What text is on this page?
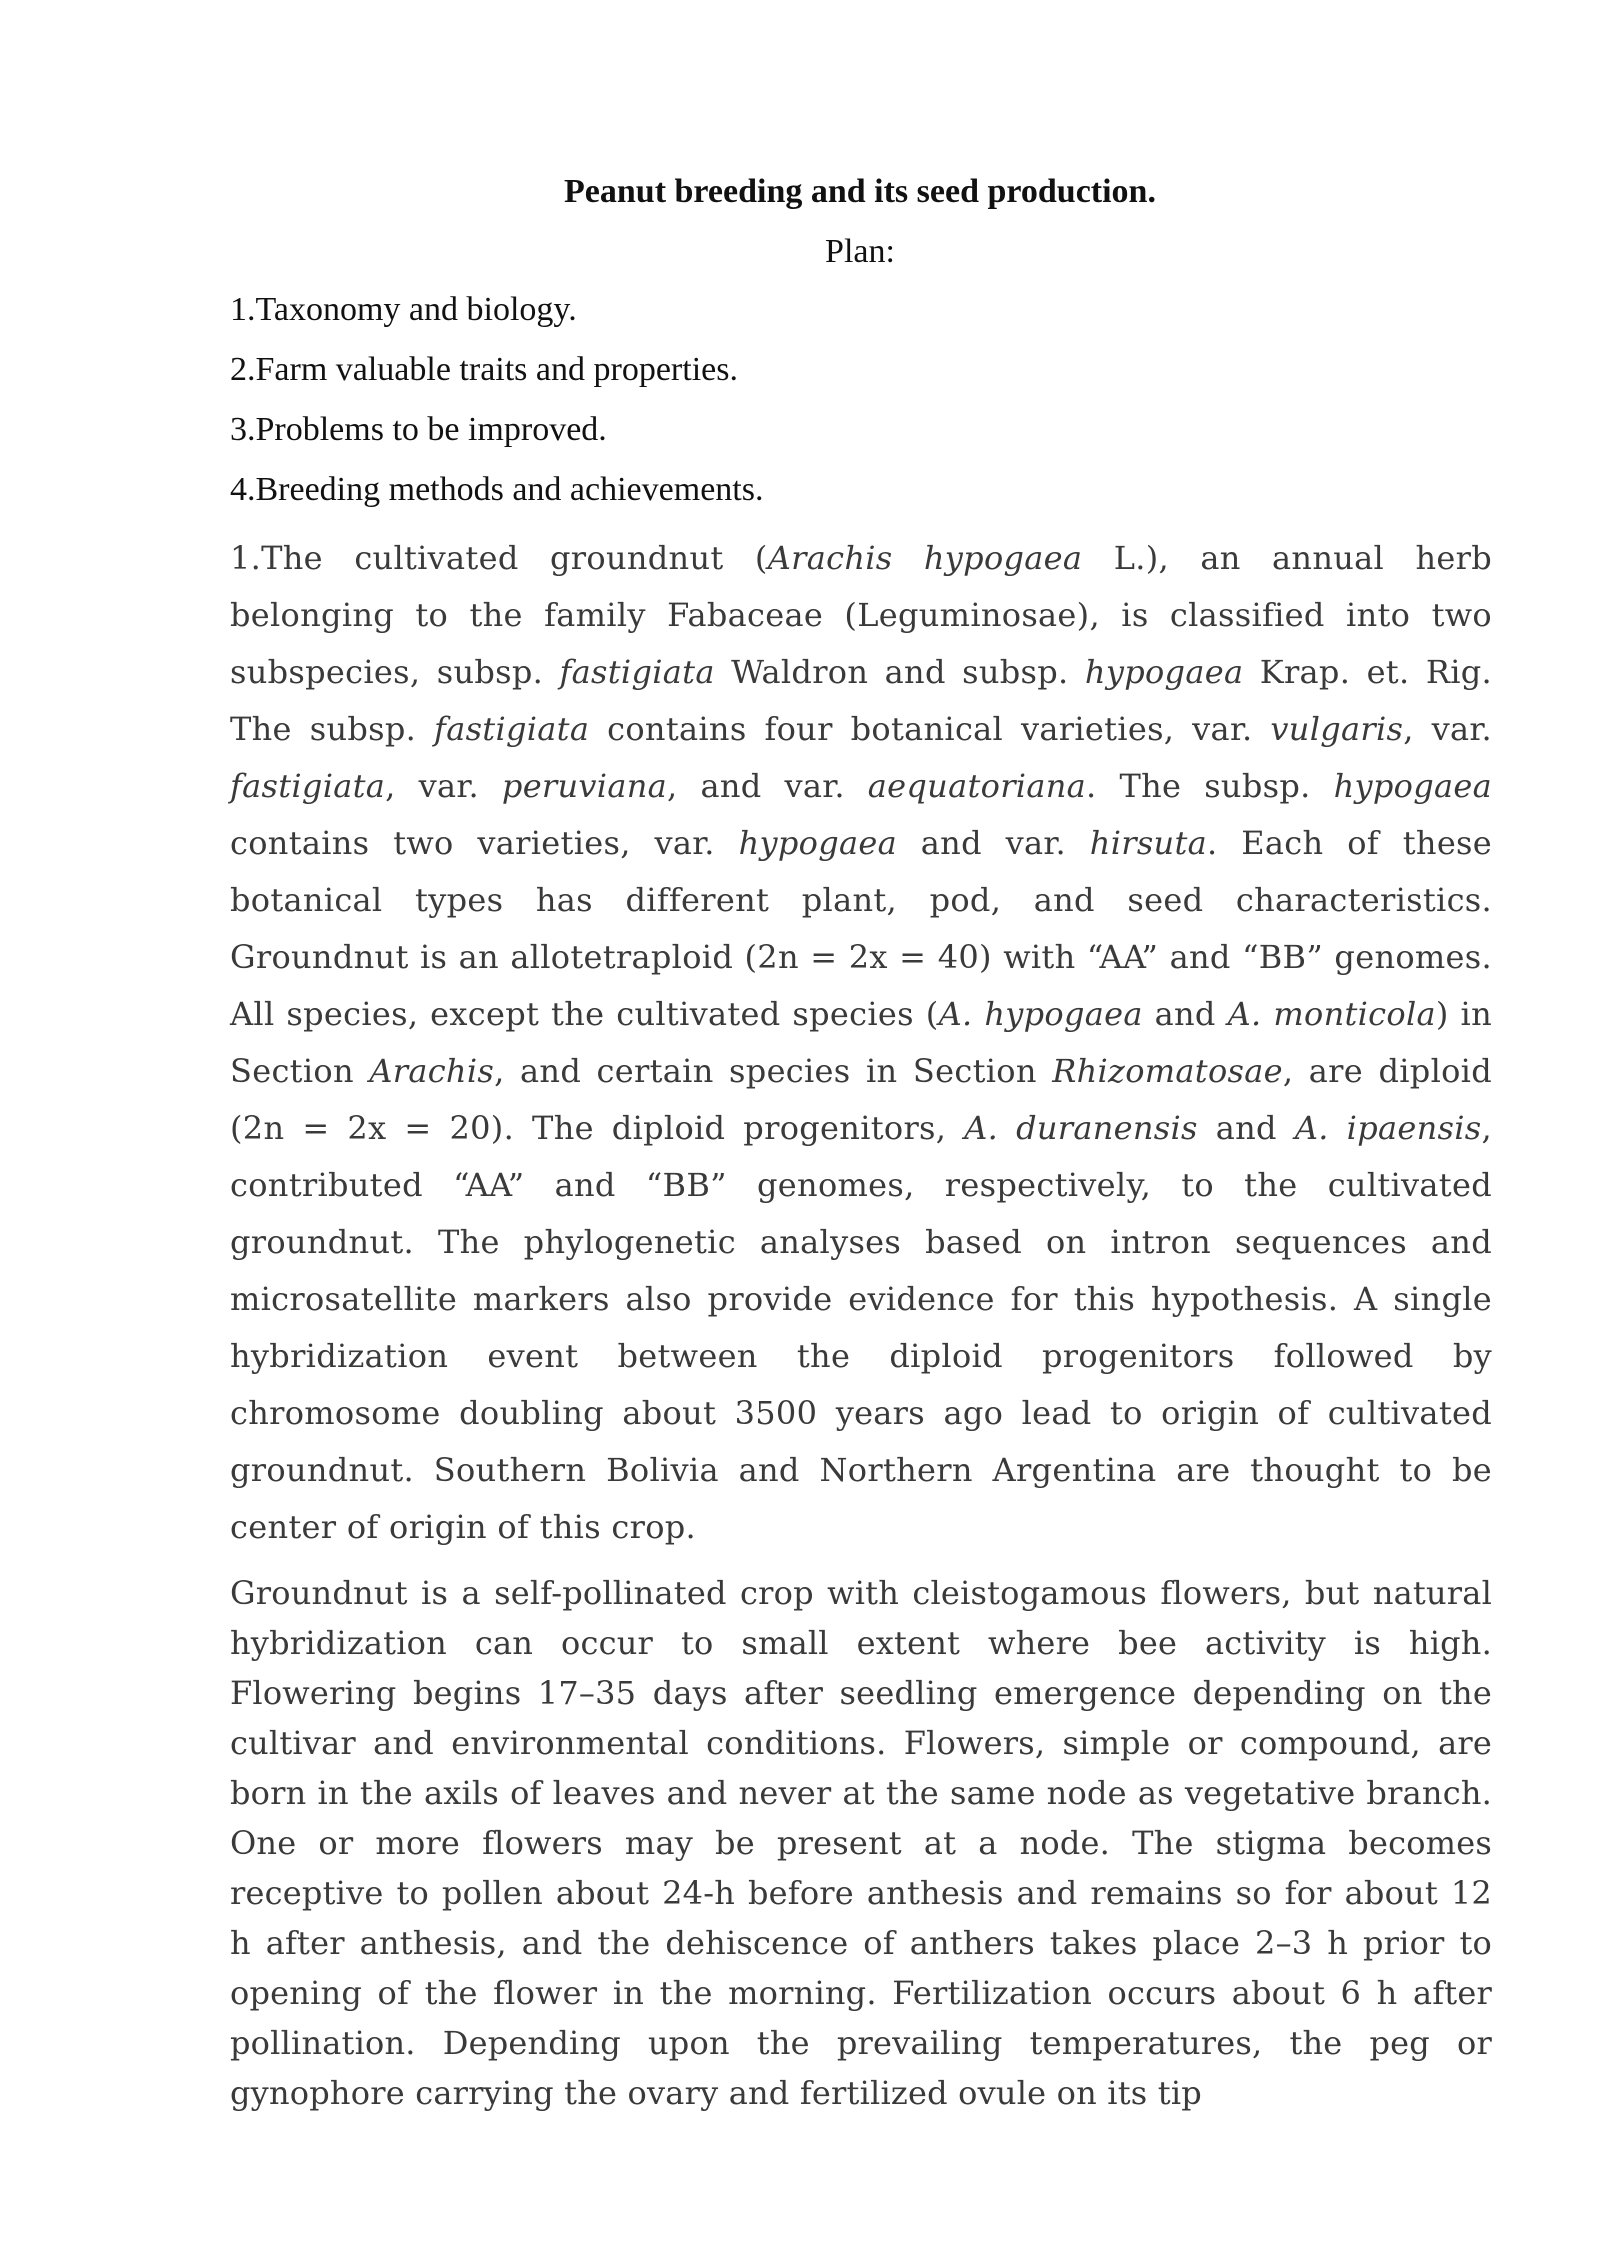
Peanut breeding and its seed production.
Plan:
1.Taxonomy and biology.
2.Farm valuable traits and properties.
3.Problems to be improved.
4.Breeding methods and achievements.

1.The cultivated groundnut (Arachis hypogaea L.), an annual herb belonging to the family Fabaceae (Leguminosae), is classified into two subspecies, subsp. fastigiata Waldron and subsp. hypogaea Krap. et. Rig. The subsp. fastigiata contains four botanical varieties, var. vulgaris, var. fastigiata, var. peruviana, and var. aequatoriana. The subsp. hypogaea contains two varieties, var. hypogaea and var. hirsuta. Each of these botanical types has different plant, pod, and seed characteristics. Groundnut is an allotetraploid (2n = 2x = 40) with “AA” and “BB” genomes. All species, except the cultivated species (A. hypogaea and A. monticola) in Section Arachis, and certain species in Section Rhizomatosae, are diploid (2n = 2x = 20). The diploid progenitors, A. duranensis and A. ipaensis, contributed “AA” and “BB” genomes, respectively, to the cultivated groundnut. The phylogenetic analyses based on intron sequences and microsatellite markers also provide evidence for this hypothesis. A single hybridization event between the diploid progenitors followed by chromosome doubling about 3500 years ago lead to origin of cultivated groundnut. Southern Bolivia and Northern Argentina are thought to be center of origin of this crop.

Groundnut is a self-pollinated crop with cleistogamous flowers, but natural hybridization can occur to small extent where bee activity is high. Flowering begins 17–35 days after seedling emergence depending on the cultivar and environmental conditions. Flowers, simple or compound, are born in the axils of leaves and never at the same node as vegetative branch. One or more flowers may be present at a node. The stigma becomes receptive to pollen about 24-h before anthesis and remains so for about 12 h after anthesis, and the dehiscence of anthers takes place 2–3 h prior to opening of the flower in the morning. Fertilization occurs about 6 h after pollination. Depending upon the prevailing temperatures, the peg or gynophore carrying the ovary and fertilized ovule on its tip
